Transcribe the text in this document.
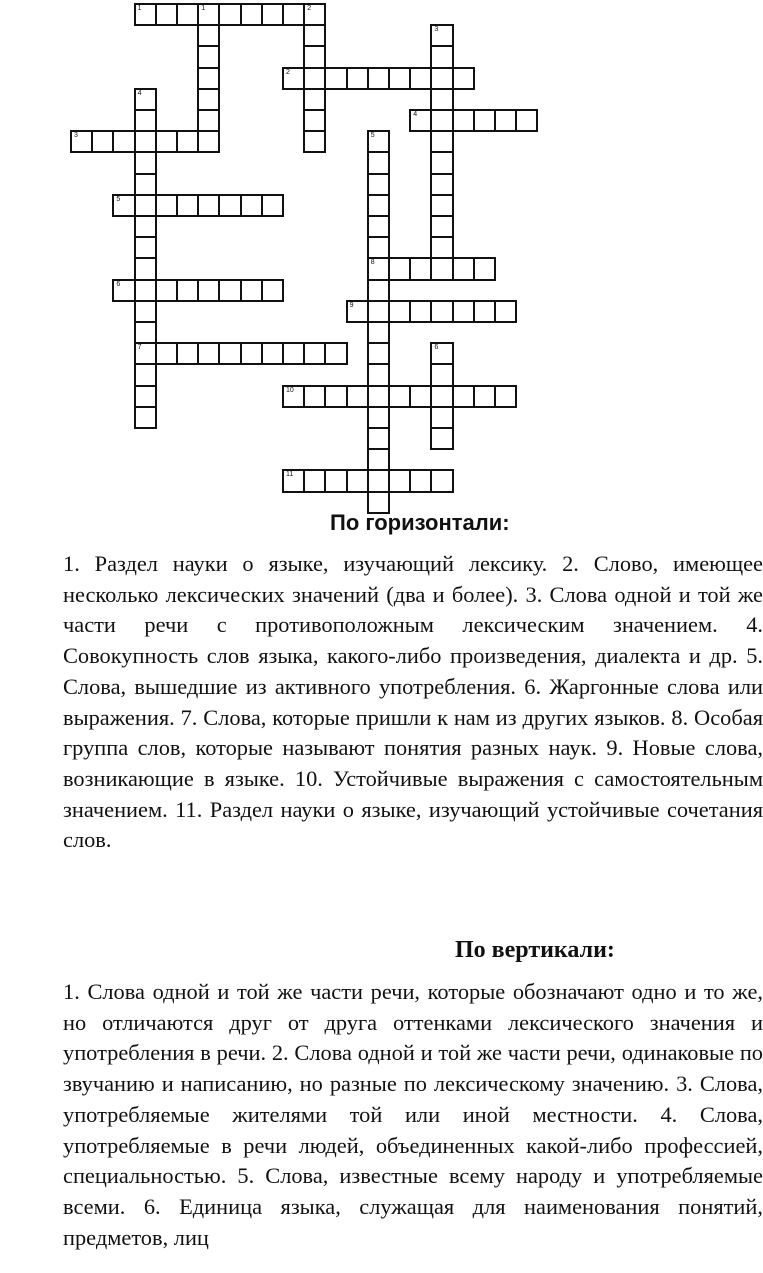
1	1	2
2
3
4
5
6
7
8
9
10
11
3
4
5
6
По горизонтали:

1. Раздел науки о языке, изучающий лексику. 2. Слово, имеющее несколько лексических значений (два и более). 3. Слова одной и той же части речи с противоположным лексическим значением. 4. Совокупность слов языка, какого-либо произведения, диалекта и др. 5. Слова, вышедшие из активного употребления. 6. Жаргонные слова или выражения. 7. Слова, которые пришли к нам из других языков. 8. Особая группа слов, которые называют понятия разных наук. 9. Новые слова, возникающие в языке. 10. Устойчивые выражения с самостоятельным значением. 11. Раздел науки о языке, изучающий устойчивые сочетания слов.

По вертикали:

1. Слова одной и той же части речи, которые обозначают одно и то же, но отличаются друг от друга оттенками лексического значения и употребления в речи. 2. Слова одной и той же части речи, одинаковые по звучанию и написанию, но разные по лексическому значению. 3. Слова, употребляемые жителями той или иной местности. 4. Слова, употребляемые в речи людей, объединенных какой-либо профессией, специальностью. 5. Слова, известные всему народу и употребляемые всеми. 6. Единица языка, служащая для наименования понятий, предметов, лиц
